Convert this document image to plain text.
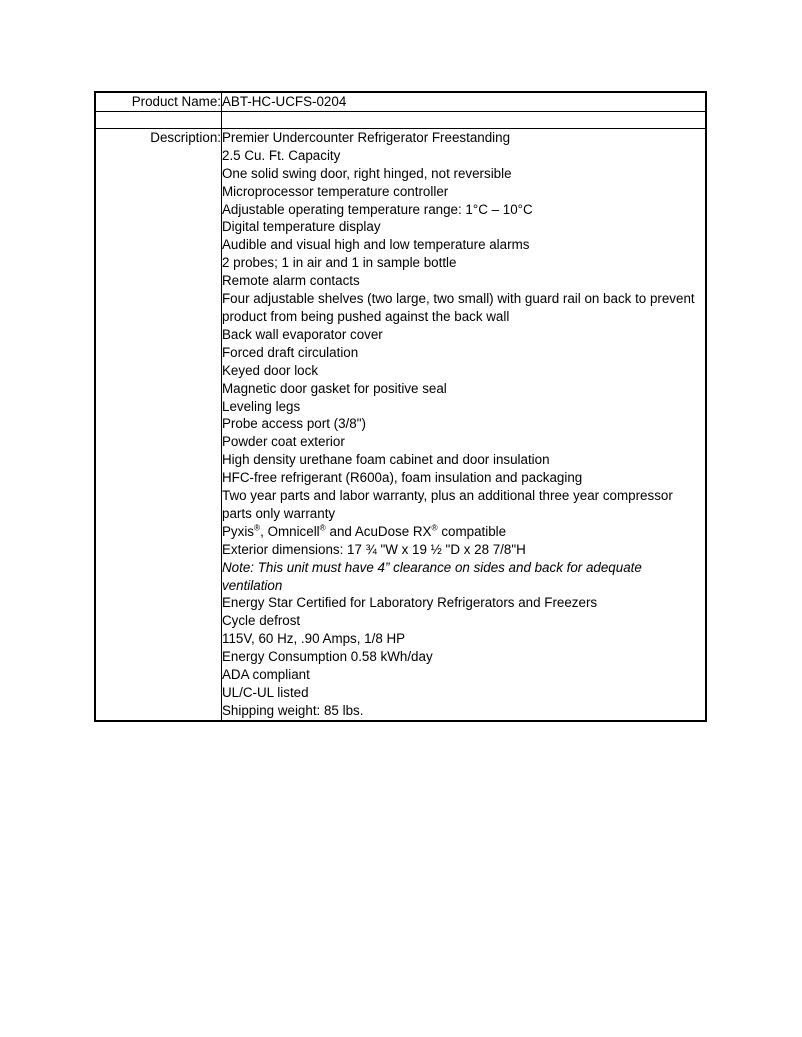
Product Name:	ABT-HC-UCFS-0204

Description:	Premier Undercounter Refrigerator Freestanding
2.5 Cu. Ft. Capacity
One solid swing door, right hinged, not reversible
Microprocessor temperature controller
Adjustable operating temperature range: 1°C – 10°C
Digital temperature display
Audible and visual high and low temperature alarms
2 probes; 1 in air and 1 in sample bottle
Remote alarm contacts
Four adjustable shelves (two large, two small) with guard rail on back to prevent product from being pushed against the back wall
Back wall evaporator cover
Forced draft circulation
Keyed door lock
Magnetic door gasket for positive seal
Leveling legs
Probe access port (3/8")
Powder coat exterior
High density urethane foam cabinet and door insulation
HFC-free refrigerant (R600a), foam insulation and packaging
Two year parts and labor warranty, plus an additional three year compressor parts only warranty
Pyxis®, Omnicell® and AcuDose RX® compatible
Exterior dimensions: 17 ¾ "W x 19 ½ "D x 28 7/8"H
Note: This unit must have 4” clearance on sides and back for adequate ventilation
Energy Star Certified for Laboratory Refrigerators and Freezers
Cycle defrost
115V, 60 Hz, .90 Amps, 1/8 HP
Energy Consumption 0.58 kWh/day
ADA compliant
UL/C-UL listed
Shipping weight: 85 lbs.
